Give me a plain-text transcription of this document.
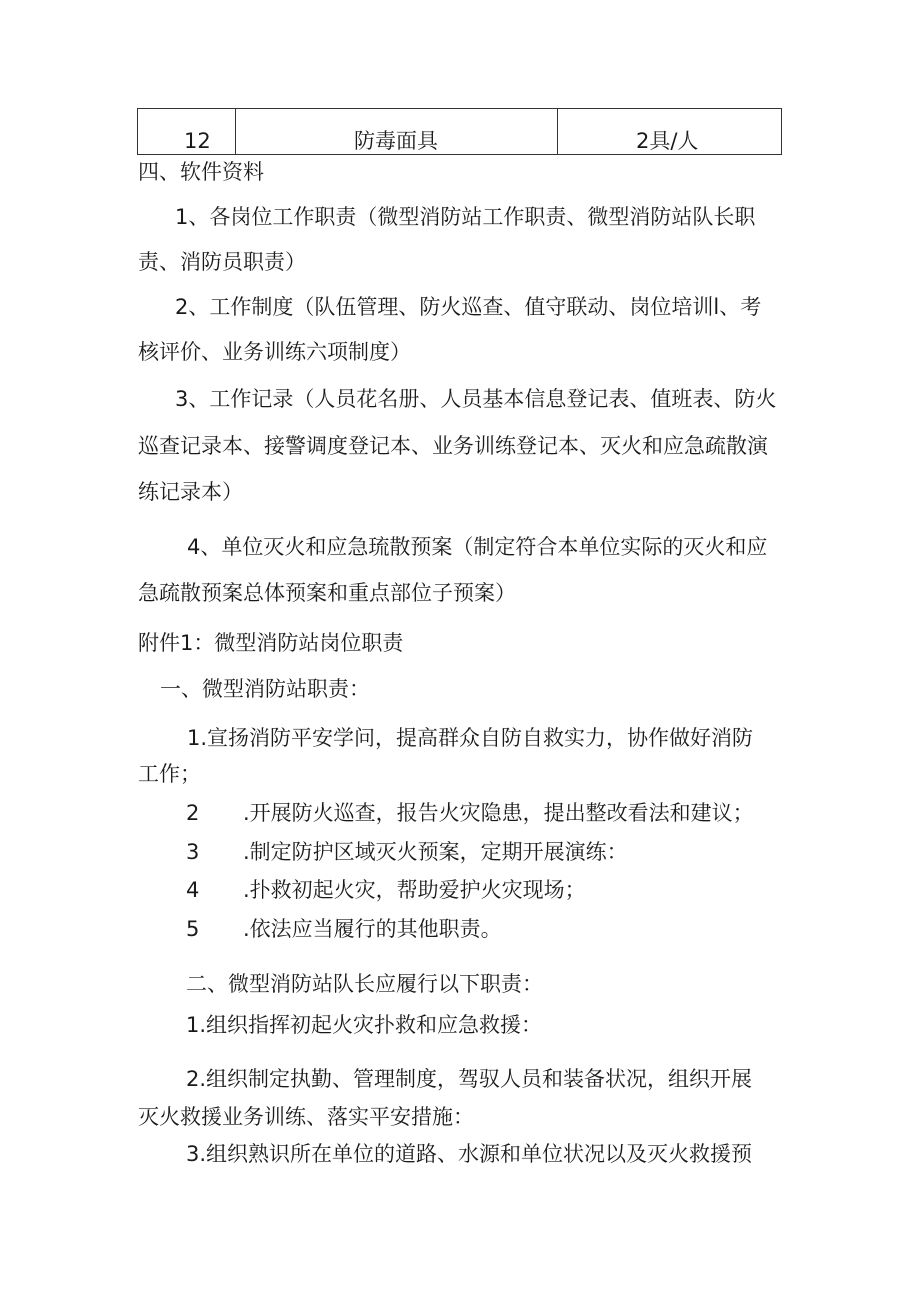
12	防毒面具	2具/人
四、软件资料
1、各岗位工作职责（微型消防站工作职责、微型消防站队长职
责、消防员职责）
2、工作制度（队伍管理、防火巡查、值守联动、岗位培训l、考
核评价、业务训练六项制度）
3、工作记录（人员花名册、人员基本信息登记表、值班表、防火
巡查记录本、接警调度登记本、业务训练登记本、灭火和应急疏散演
练记录本）
4、单位灭火和应急琉散预案（制定符合本单位实际的灭火和应
急疏散预案总体预案和重点部位子预案）
附件1：微型消防站岗位职责
一、微型消防站职责：
1.宣扬消防平安学问，提高群众自防自救实力，协作做好消防
工作；
2 .开展防火巡查，报告火灾隐患，提出整改看法和建议；
3 .制定防护区域灭火预案，定期开展演练：
4 .扑救初起火灾，帮助爱护火灾现场；
5 .依法应当履行的其他职责。
二、微型消防站队长应履行以下职责：
1.组织指挥初起火灾扑救和应急救援：
2.组织制定执勤、管理制度，驾驭人员和装备状况，组织开展
灭火救援业务训练、落实平安措施：
3.组织熟识所在单位的道路、水源和单位状况以及灭火救援预
